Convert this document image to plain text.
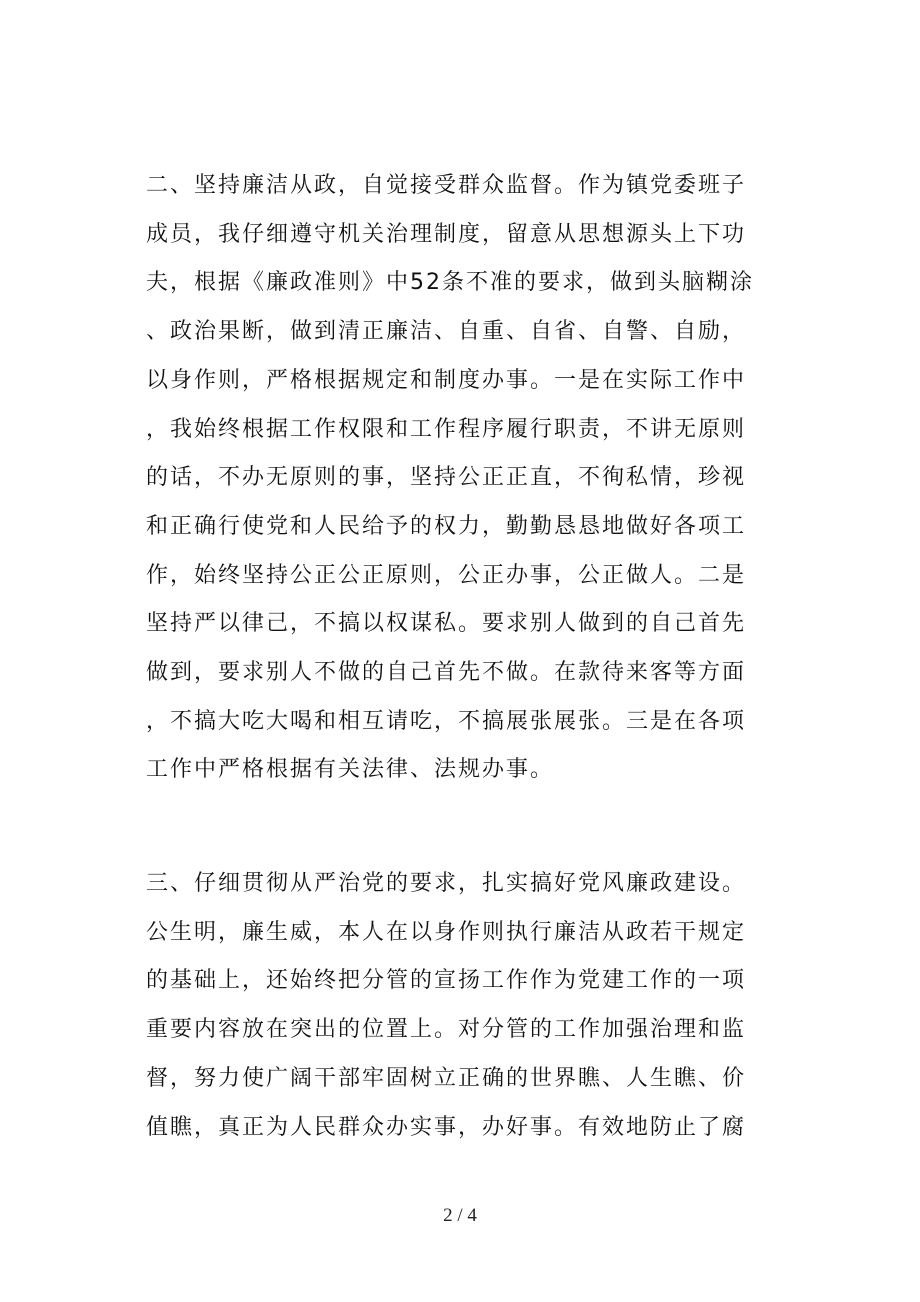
二、坚持廉洁从政，自觉接受群众监督。作为镇党委班子
成员，我仔细遵守机关治理制度，留意从思想源头上下功
夫，根据《廉政准则》中52条不准的要求，做到头脑糊涂
、政治果断，做到清正廉洁、自重、自省、自警、自励，
以身作则，严格根据规定和制度办事。一是在实际工作中
，我始终根据工作权限和工作程序履行职责，不讲无原则
的话，不办无原则的事，坚持公正正直，不徇私情，珍视
和正确行使党和人民给予的权力，勤勤恳恳地做好各项工
作，始终坚持公正公正原则，公正办事，公正做人。二是
坚持严以律己，不搞以权谋私。要求别人做到的自己首先
做到，要求别人不做的自己首先不做。在款待来客等方面
，不搞大吃大喝和相互请吃，不搞展张展张。三是在各项
工作中严格根据有关法律、法规办事。
三、仔细贯彻从严治党的要求，扎实搞好党风廉政建设。
公生明，廉生威，本人在以身作则执行廉洁从政若干规定
的基础上，还始终把分管的宣扬工作作为党建工作的一项
重要内容放在突出的位置上。对分管的工作加强治理和监
督，努力使广阔干部牢固树立正确的世界瞧、人生瞧、价
值瞧，真正为人民群众办实事，办好事。有效地防止了腐
2 / 4
